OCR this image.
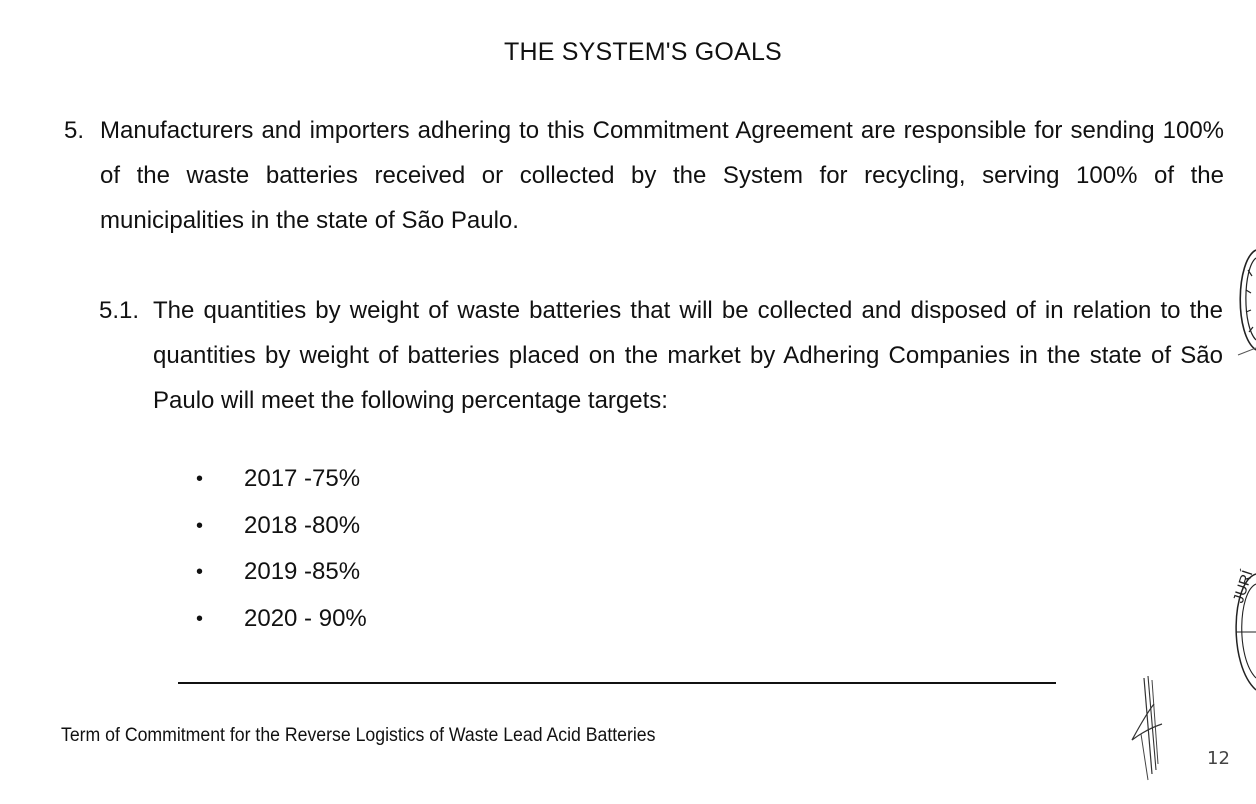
THE SYSTEM'S GOALS
5. Manufacturers and importers adhering to this Commitment Agreement are responsible for sending 100% of the waste batteries received or collected by the System for recycling, serving 100% of the municipalities in the state of São Paulo.
5.1. The quantities by weight of waste batteries that will be collected and disposed of in relation to the quantities by weight of batteries placed on the market by Adhering Companies in the state of São Paulo will meet the following percentage targets:
• 2017 -75%
• 2018 -80%
• 2019 -85%
• 2020 - 90%
Term of Commitment for the Reverse Logistics of Waste Lead Acid Batteries
12
JURÍ
